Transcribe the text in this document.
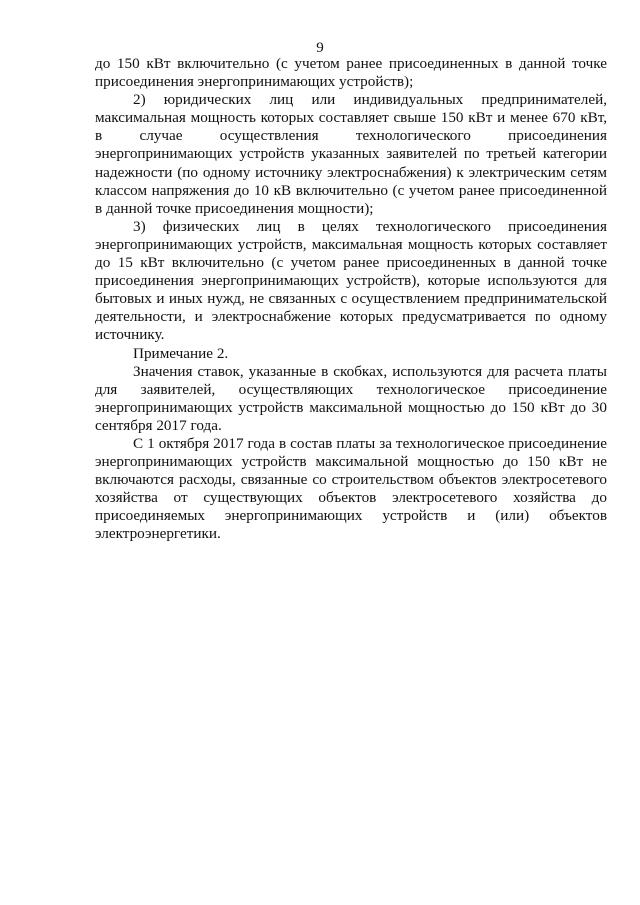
9

до 150 кВт включительно (с учетом ранее присоединенных в данной точке присоединения энергопринимающих устройств);

2) юридических лиц или индивидуальных предпринимателей, максимальная мощность которых составляет свыше 150 кВт и менее 670 кВт, в случае осуществления технологического присоединения энергопринимающих устройств указанных заявителей по третьей категории надежности (по одному источнику электроснабжения) к электрическим сетям классом напряжения до 10 кВ включительно (с учетом ранее присоединенной в данной точке присоединения мощности);

3) физических лиц в целях технологического присоединения энергопринимающих устройств, максимальная мощность которых составляет до 15 кВт включительно (с учетом ранее присоединенных в данной точке присоединения энергопринимающих устройств), которые используются для бытовых и иных нужд, не связанных с осуществлением предпринимательской деятельности, и электроснабжение которых предусматривается по одному источнику.

Примечание 2.

Значения ставок, указанные в скобках, используются для расчета платы для заявителей, осуществляющих технологическое присоединение энергопринимающих устройств максимальной мощностью до 150 кВт до 30 сентября 2017 года.

С 1 октября 2017 года в состав платы за технологическое присоединение энергопринимающих устройств максимальной мощностью до 150 кВт не включаются расходы, связанные со строительством объектов электросетевого хозяйства от существующих объектов электросетевого хозяйства до присоединяемых энергопринимающих устройств и (или) объектов электроэнергетики.
